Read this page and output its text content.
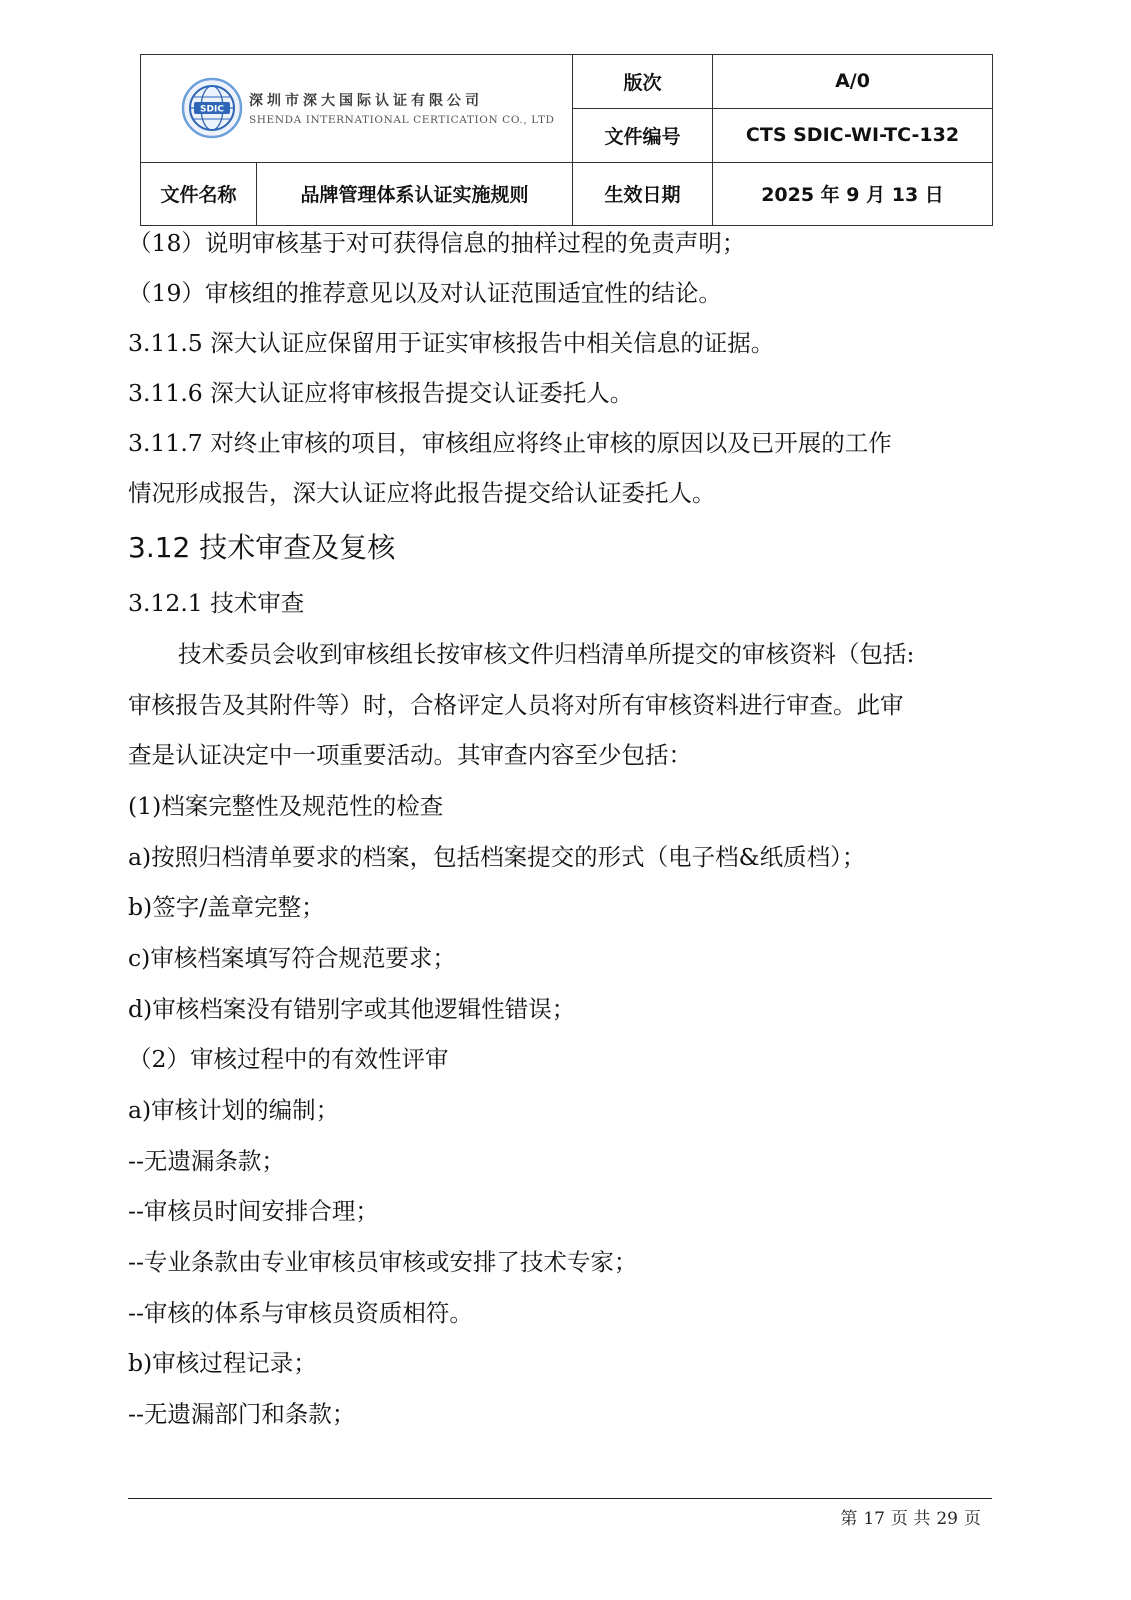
SDIC
深圳市深大国际认证有限公司
SHENDA INTERNATIONAL CERTICATION CO., LTD		版次	A/0
		文件编号	CTS SDIC-WI-TC-132
文件名称	品牌管理体系认证实施规则	生效日期	2025 年 9 月 13 日
（18）说明审核基于对可获得信息的抽样过程的免责声明；
（19）审核组的推荐意见以及对认证范围适宜性的结论。
3.11.5 深大认证应保留用于证实审核报告中相关信息的证据。
3.11.6 深大认证应将审核报告提交认证委托人。
3.11.7 对终止审核的项目，审核组应将终止审核的原因以及已开展的工作
情况形成报告，深大认证应将此报告提交给认证委托人。
3.12 技术审查及复核
3.12.1 技术审查
技术委员会收到审核组长按审核文件归档清单所提交的审核资料（包括:
审核报告及其附件等）时，合格评定人员将对所有审核资料进行审查。此审
查是认证决定中一项重要活动。其审查内容至少包括：
(1)档案完整性及规范性的检查
a)按照归档清单要求的档案，包括档案提交的形式（电子档&纸质档）；
b)签字/盖章完整；
c)审核档案填写符合规范要求；
d)审核档案没有错别字或其他逻辑性错误；
（2）审核过程中的有效性评审
a)审核计划的编制；
--无遗漏条款；
--审核员时间安排合理；
--专业条款由专业审核员审核或安排了技术专家；
--审核的体系与审核员资质相符。
b)审核过程记录；
--无遗漏部门和条款；
第 17 页 共 29 页
